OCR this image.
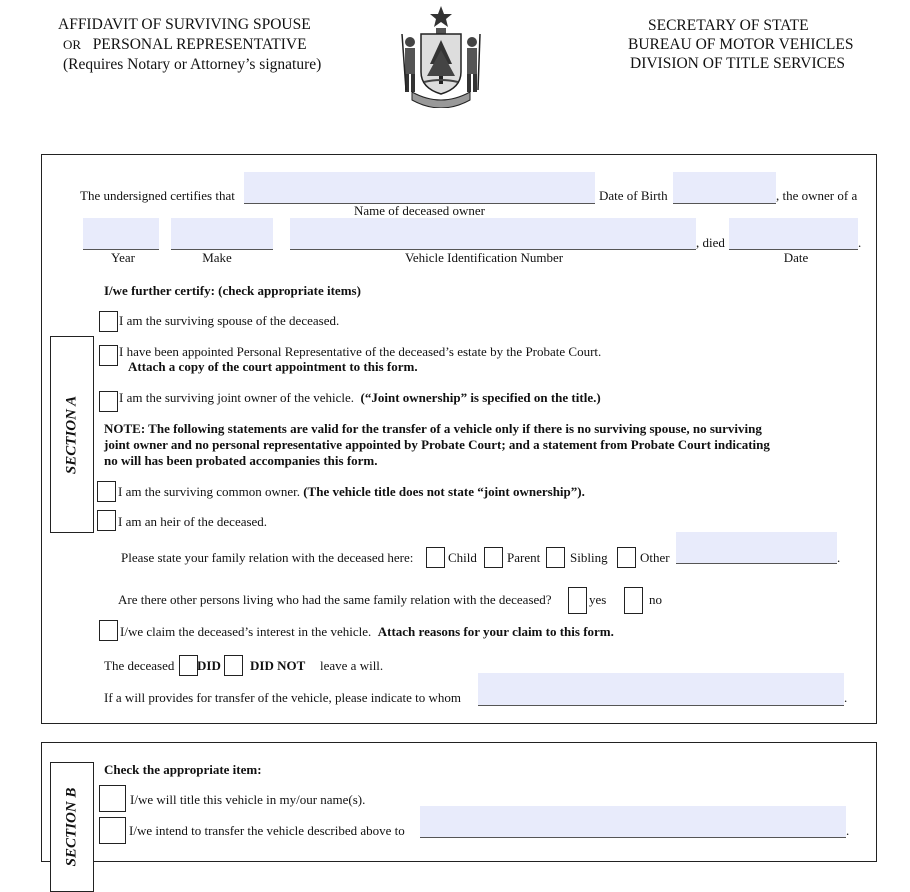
AFFIDAVIT OF SURVIVING SPOUSE
OR PERSONAL REPRESENTATIVE
(Requires Notary or Attorney’s signature)
SECRETARY OF STATE
BUREAU OF MOTOR VEHICLES
DIVISION OF TITLE SERVICES
SECTION A
The undersigned certifies that	Date of Birth	, the owner of a
Name of deceased owner
, died	.
Year	Make	Vehicle Identification Number	Date
I/we further certify: (check appropriate items)
I am the surviving spouse of the deceased.
I have been appointed Personal Representative of the deceased’s estate by the Probate Court.
Attach a copy of the court appointment to this form.
I am the surviving joint owner of the vehicle. (“Joint ownership” is specified on the title.)
NOTE: The following statements are valid for the transfer of a vehicle only if there is no surviving spouse, no surviving
joint owner and no personal representative appointed by Probate Court; and a statement from Probate Court indicating
no will has been probated accompanies this form.
I am the surviving common owner. (The vehicle title does not state “joint ownership”).
I am an heir of the deceased.
Please state your family relation with the deceased here:	Child Parent Sibling Other	.
Are there other persons living who had the same family relation with the deceased?	yes	no
I/we claim the deceased’s interest in the vehicle. Attach reasons for your claim to this form.
The deceased DID DID NOT leave a will.
If a will provides for transfer of the vehicle, please indicate to whom	.
SECTION B
Check the appropriate item:
I/we will title this vehicle in my/our name(s).
I/we intend to transfer the vehicle described above to	.
